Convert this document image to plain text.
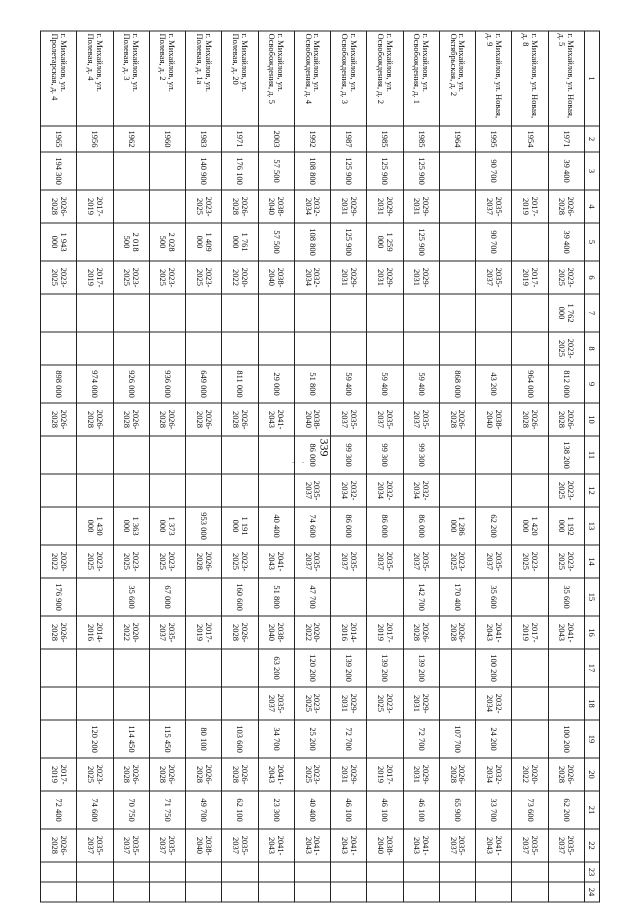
339
· ·
1	2	3	4	5	6	7	8	9	10	11	12	13	14	15	16	17	18	19	20	21	22	23	24
г. Михайлов, ул. Новая, д. 5	1971	39 400	2026-2028	39 400	2023-2025	1 762 000	2023-2025	812 000	2026-2028	138 200	2023-2025	1 192 000	2023-2025	35 600	2041-2043			100 200	2026-2028	62 200	2035-2037		
г. Михайлов, ул. Новая, д. 8	1954		2017-2019		2017-2019			964 000	2026-2028			1 420 000	2023-2025		2017-2019				2020-2022	73 600	2035-2037		
г. Михайлов, ул. Новая, д. 9	1995	90 700	2035-2037	90 700	2035-2037			43 200	2038-2040			62 200	2035-2037	35 600	2041-2043	100 200	2032-2034	24 200	2032-2034	33 700	2041-2043		
г. Михайлов, ул. Октябрьская, д. 2	1964							868 000	2026-2028			1 286 000	2023-2025	170 400	2026-2028			107 700	2026-2028	65 900	2035-2037		
г. Михайлов, ул. Освобождения, д. 1	1985	125 900	2029-2031	125 900	2029-2031			59 400	2035-2037	99 300	2032-2034	86 000	2035-2037	142 700	2026-2028	139 200	2029-2031	72 700	2029-2031	46 100	2041-2043		
г. Михайлов, ул. Освобождения, д. 2	1985	125 900	2029-2031	1 259 000	2029-2031			59 400	2035-2037	99 300	2032-2034	86 000	2035-2037		2017-2019	139 200	2023-2025		2017-2019	46 100	2038-2040		
г. Михайлов, ул. Освобождения, д. 3	1987	125 900	2029-2031	125 900	2029-2031			59 400	2035-2037	99 300	2032-2034	86 000	2035-2037		2014-2016	139 200	2029-2031	72 700	2029-2031	46 100	2041-2043		
г. Михайлов, ул. Освобождения, д. 4	1992	108 800	2032-2034	108 800	2032-2034			51 800	2038-2040	86 000	2035-2037	74 600	2035-2037	47 700	2020-2022	120 200	2023-2025	25 200	2023-2025	40 400	2041-2043		
г. Михайлов, ул. Освобождения, д. 5	2003	57 500	2038-2040	57 500	2038-2040			29 000	2041-2043			40 400	2041-2043	51 800	2038-2040	63 200	2035-2037	34 700	2041-2043	23 300	2041-2043		
г. Михайлов, ул. Полевая, д. 20	1971	176 100	2026-2028	1 761 000	2020-2022			811 000	2026-2028			1 191 000	2023-2025	160 600	2026-2028			103 600	2026-2028	62 100	2035-2037		
г. Михайлов, ул. Полевая, д. 1а	1983	140 900	2023-2025	1 409 000	2023-2025			649 000	2026-2028			953 000	2026-2028		2017-2019			80 100	2026-2028	49 700	2038-2040		
г. Михайлов, ул. Полевая, д. 2	1960			2 028 500	2023-2025			936 000	2026-2028			1 373 000	2023-2025	67 000	2035-2037			115 450	2026-2028	71 750	2035-2037		
г. Михайлов, ул. Полевая, д. 3	1962			2 018 500	2023-2025			926 000	2026-2028			1 363 000	2023-2025	35 600	2020-2022			114 450	2026-2028	70 750	2035-2037		
г. Михайлов, ул. Полевая, д. 4	1956		2017-2019		2017-2019			974 000	2026-2028			1 430 000	2023-2025		2014-2016			120 200	2023-2025	74 600	2035-2037		
г. Михайлов, ул. Пролетарская, д. 4	1965	194 300	2026-2028	1 943 000	2023-2025			898 000	2026-2028				2020-2022	176 900	2026-2028				2017-2019	72 400	2026-2028		
